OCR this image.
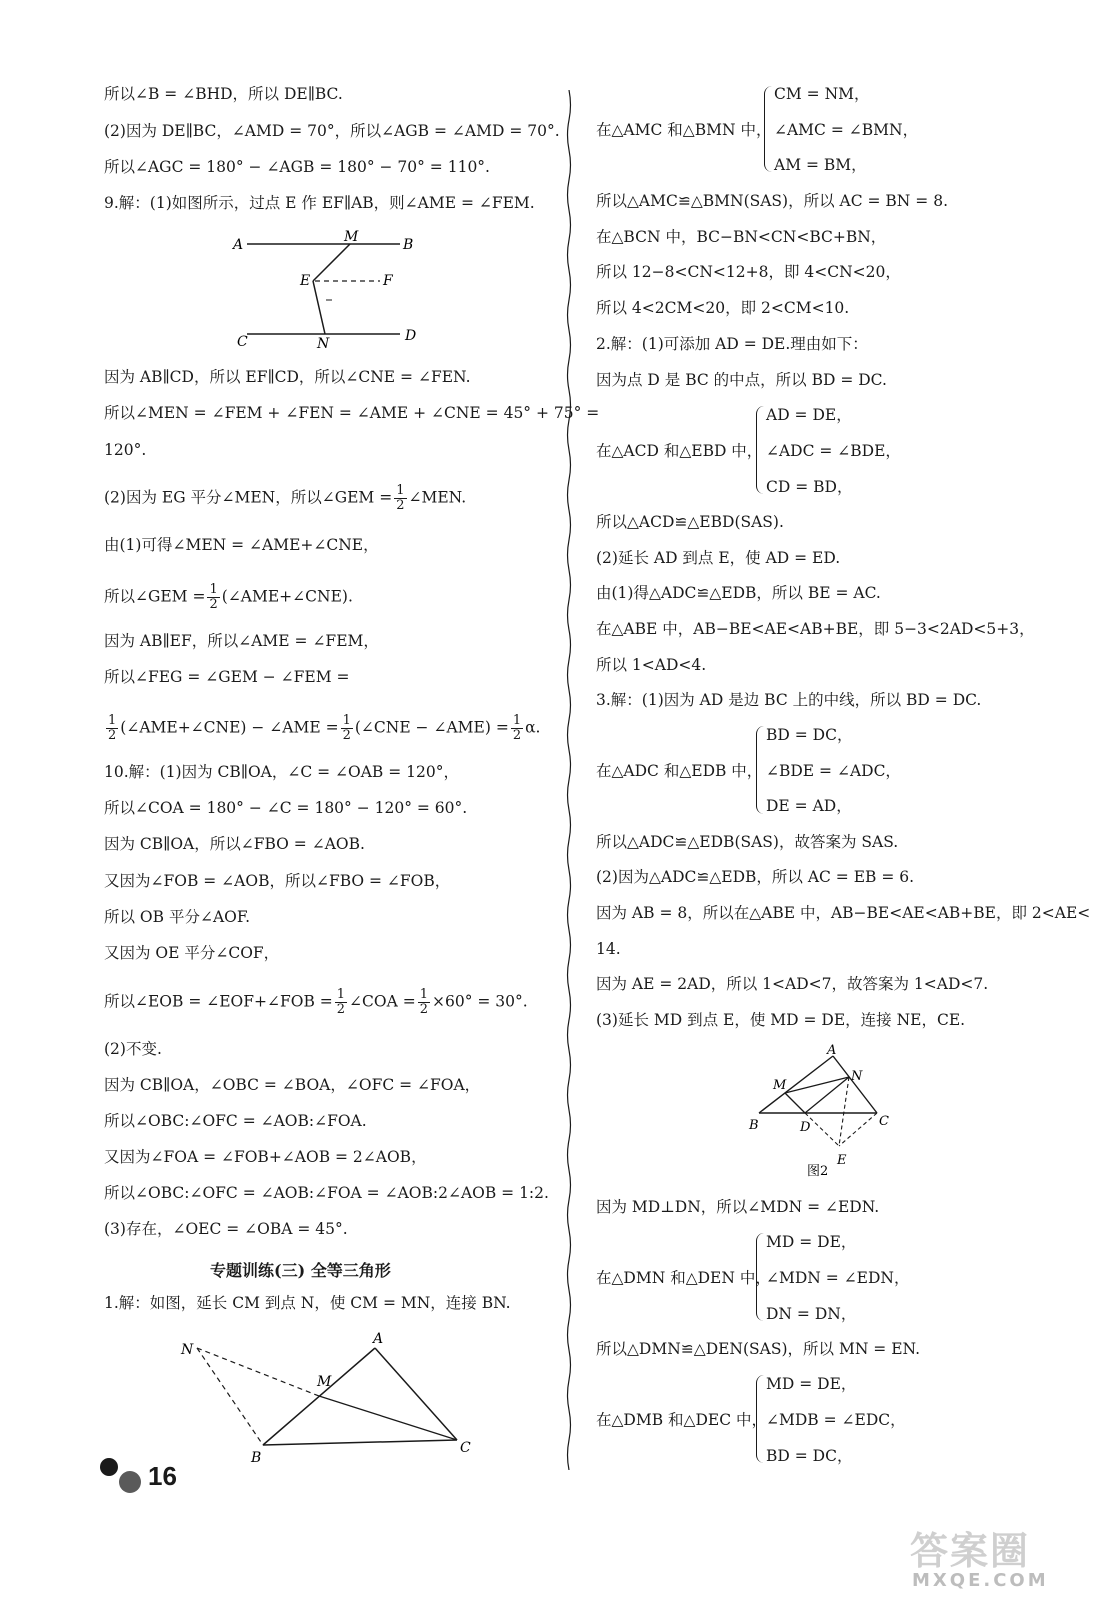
所以∠B = ∠BHD，所以 DE∥BC.
(2)因为 DE∥BC，∠AMD = 70°，所以∠AGB = ∠AMD = 70°.
所以∠AGC = 180° − ∠AGB = 180° − 70° = 110°.
9.解：(1)如图所示，过点 E 作 EF∥AB，则∠AME = ∠FEM.
因为 AB∥CD，所以 EF∥CD，所以∠CNE = ∠FEN.
所以∠MEN = ∠FEM + ∠FEN = ∠AME + ∠CNE = 45° + 75° =
120°.
(2)因为 EG 平分∠MEN，所以∠GEM = $\frac{1}{2}$ ∠MEN.
由(1)可得∠MEN = ∠AME+∠CNE，
所以∠GEM = $\frac{1}{2}$ (∠AME+∠CNE).
因为 AB∥EF，所以∠AME = ∠FEM，
所以∠FEG = ∠GEM − ∠FEM =
$\frac{1}{2}$ (∠AME+∠CNE) − ∠AME = $\frac{1}{2}$ (∠CNE − ∠AME) = $\frac{1}{2} \alpha$.
10.解：(1)因为 CB∥OA，∠C = ∠OAB = 120°，
所以∠COA = 180° − ∠C = 180° − 120° = 60°.
因为 CB∥OA，所以∠FBO = ∠AOB.
又因为∠FOB = ∠AOB，所以∠FBO = ∠FOB，
所以 OB 平分∠AOF.
又因为 OE 平分∠COF，
所以∠EOB = ∠EOF+∠FOB = $\frac{1}{2}$ ∠COA = $\frac{1}{2} \times 60^\circ = 30^\circ$.
(2)不变.
因为 CB∥OA，∠OBC = ∠BOA，∠OFC = ∠FOA，
所以∠OBC:∠OFC = ∠AOB:∠FOA.
又因为∠FOA = ∠FOB+∠AOB = 2∠AOB，
所以∠OBC:∠OFC = ∠AOB:∠FOA = ∠AOB:2∠AOB = 1:2.
(3)存在，∠OEC = ∠OBA = 45°.
1.解：如图，延长 CM 到点 N，使 CM = MN，连接 BN.
专题训练(三) 全等三角形
A	B
M
E	F
C	N	D
N
A
M
B
C
在△AMC 和△BMN 中，
CM = NM，
∠AMC = ∠BMN，
AM = BM，
所以△AMC≌△BMN(SAS)，所以 AC = BN = 8.
在△BCN 中，BC−BN<CN<BC+BN，
所以 12−8<CN<12+8，即 4<CN<20，
所以 4<2CM<20，即 2<CM<10.
2.解：(1)可添加 AD = DE.理由如下：
因为点 D 是 BC 的中点，所以 BD = DC.
在△ACD 和△EBD 中，
AD = DE，
∠ADC = ∠BDE，
CD = BD，
所以△ACD≌△EBD(SAS).
(2)延长 AD 到点 E，使 AD = ED.
由(1)得△ADC≌△EDB，所以 BE = AC.
在△ABE 中，AB−BE<AE<AB+BE，即 5−3<2AD<5+3，
所以 1<AD<4.
3.解：(1)因为 AD 是边 BC 上的中线，所以 BD = DC.
在△ADC 和△EDB 中，
BD = DC，
∠BDE = ∠ADC，
DE = AD，
所以△ADC≌△EDB(SAS)，故答案为 SAS.
(2)因为△ADC≌△EDB，所以 AC = EB = 6.
因为 AB = 8，所以在△ABE 中，AB−BE<AE<AB+BE，即 2<AE<
14.
因为 AE = 2AD，所以 1<AD<7，故答案为 1<AD<7.
(3)延长 MD 到点 E，使 MD = DE，连接 NE，CE.
因为 MD⊥DN，所以∠MDN = ∠EDN.
在△DMN 和△DEN 中，
MD = DE，
∠MDN = ∠EDN，
DN = DN，
所以△DMN≌△DEN(SAS)，所以 MN = EN.
在△DMB 和△DEC 中，
MD = DE，
∠MDB = ∠EDC，
BD = DC，
A
M
N
B	D	C
E
图2
16
答案圈
MXQE.COM
